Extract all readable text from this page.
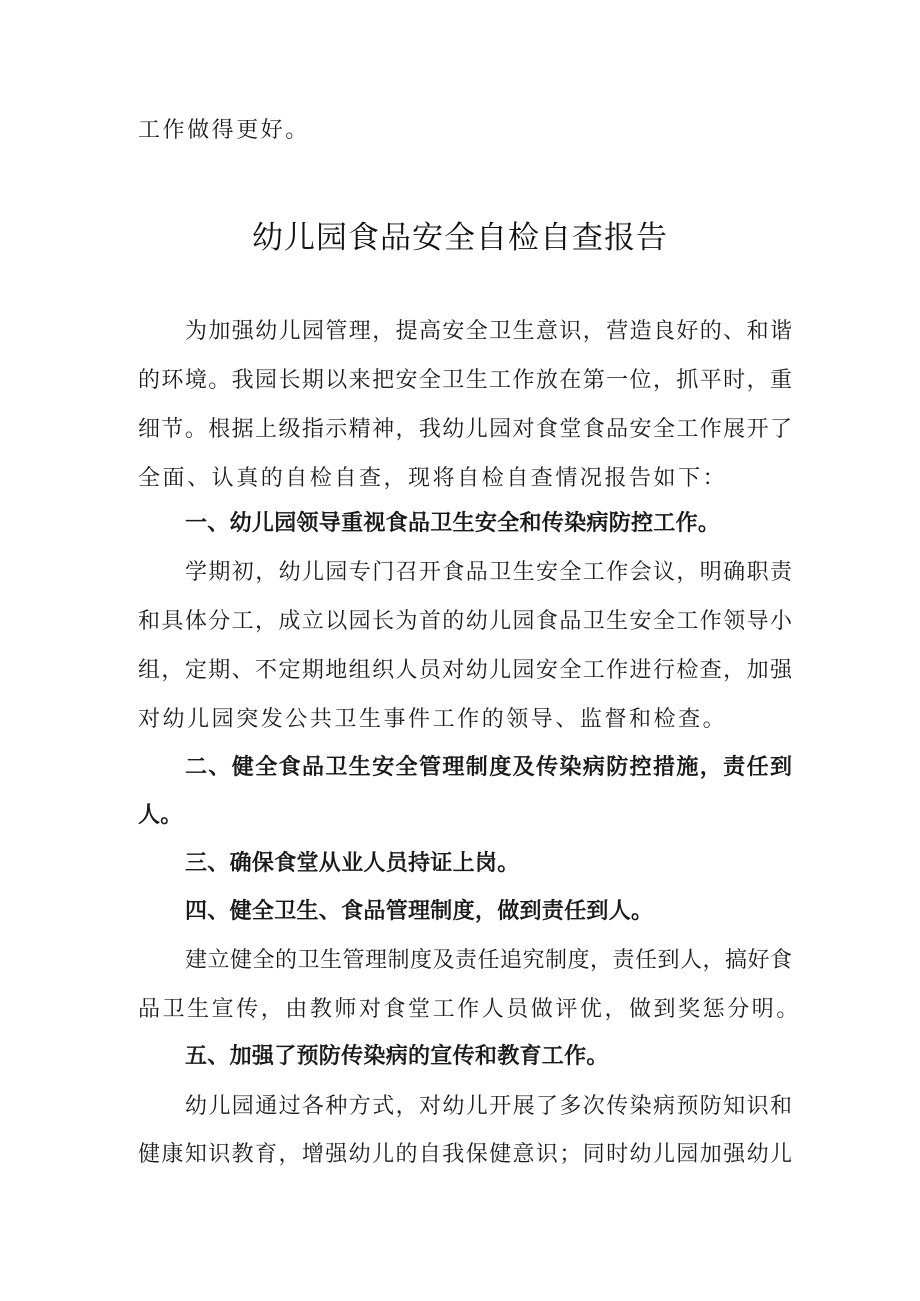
工作做得更好。
幼儿园食品安全自检自查报告
为加强幼儿园管理，提高安全卫生意识，营造良好的、和谐
的环境。我园长期以来把安全卫生工作放在第一位，抓平时，重
细节。根据上级指示精神，我幼儿园对食堂食品安全工作展开了
全面、认真的自检自查，现将自检自查情况报告如下：
一、幼儿园领导重视食品卫生安全和传染病防控工作。
学期初，幼儿园专门召开食品卫生安全工作会议，明确职责
和具体分工，成立以园长为首的幼儿园食品卫生安全工作领导小
组，定期、不定期地组织人员对幼儿园安全工作进行检查，加强
对幼儿园突发公共卫生事件工作的领导、监督和检查。
二、健全食品卫生安全管理制度及传染病防控措施，责任到
人。
三、确保食堂从业人员持证上岗。
四、健全卫生、食品管理制度，做到责任到人。
建立健全的卫生管理制度及责任追究制度，责任到人，搞好食
品卫生宣传，由教师对食堂工作人员做评优，做到奖惩分明。
五、加强了预防传染病的宣传和教育工作。
幼儿园通过各种方式，对幼儿开展了多次传染病预防知识和
健康知识教育，增强幼儿的自我保健意识；同时幼儿园加强幼儿
